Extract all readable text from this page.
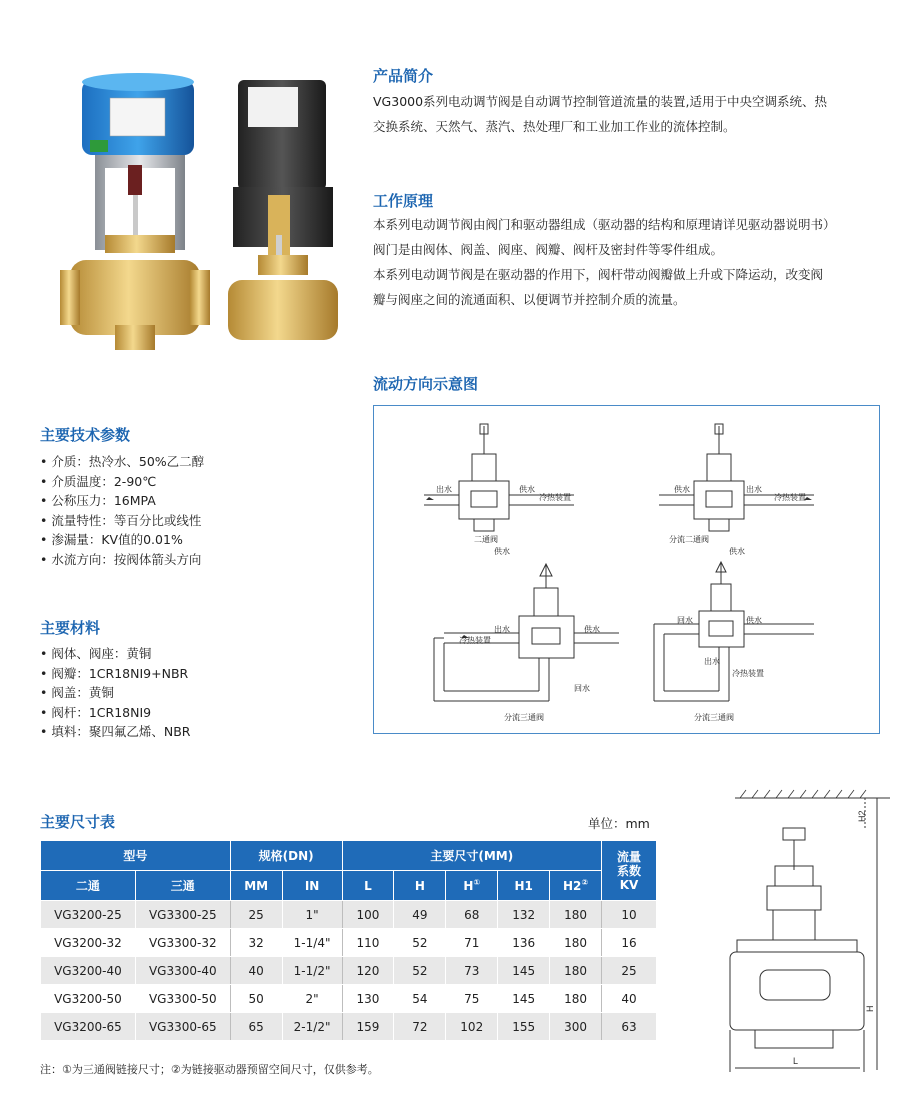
产品简介
VG3000系列电动调节阀是自动调节控制管道流量的装置,适用于中央空调系统、热
交换系统、天然气、蒸汽、热处理厂和工业加工作业的流体控制。
工作原理
本系列电动调节阀由阀门和驱动器组成（驱动器的结构和原理请详见驱动器说明书）
阀门是由阀体、阀盖、阀座、阀瓣、阀杆及密封件等零件组成。
本系列电动调节阀是在驱动器的作用下，阀杆带动阀瓣做上升或下降运动，改变阀
瓣与阀座之间的流通面积、以便调节并控制介质的流量。
流动方向示意图
出水	供水
冷热装置
二通阀
供水
供水	出水
冷热装置
分流二通阀
供水
出水
冷热装置
供水
回水
分流三通阀
回水	供水
出水
冷热装置
分流三通阀
主要技术参数
• 介质：热冷水、50%乙二醇
• 介质温度：2-90℃
• 公称压力：16MPA
• 流量特性：等百分比或线性
• 渗漏量：KV值的0.01%
• 水流方向：按阀体箭头方向
主要材料
• 阀体、阀座：黄铜
• 阀瓣：1CR18NI9+NBR
• 阀盖：黄铜
• 阀杆：1CR18NI9
• 填料：聚四氟乙烯、NBR
主要尺寸表	单位：mm
型号		规格(DN)		主要尺寸(MM)					流量
系数
KV

二通	三通	MM	IN	L	H	H①	H1	H2②
VG3200-25	VG3300-25	25	1"	100	49	68	132	180	10
VG3200-32	VG3300-32	32	1-1/4"	110	52	71	136	180	16
VG3200-40	VG3300-40	40	1-1/2"	120	52	73	145	180	25
VG3200-50	VG3300-50	50	2"	130	54	75	145	180	40
VG3200-65	VG3300-65	65	2-1/2"	159	72	102	155	300	63
注：①为三通阀链接尺寸；②为链接驱动器预留空间尺寸，仅供参考。
H2
H
L
